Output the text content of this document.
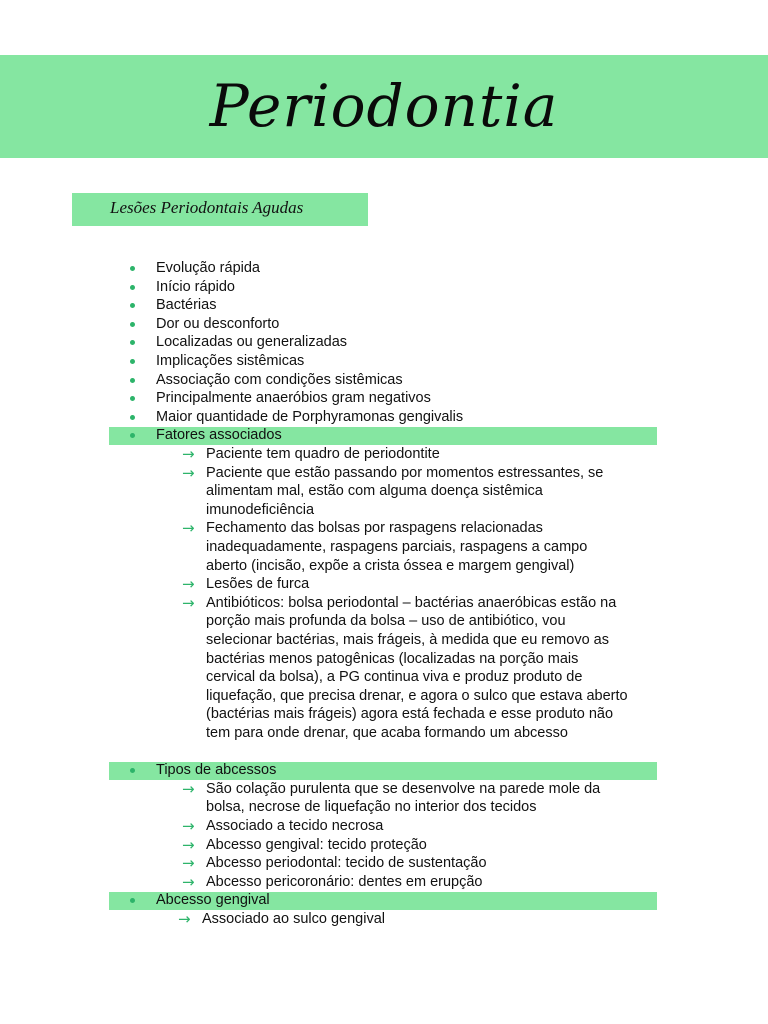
Periodontia
Lesões Periodontais Agudas
Evolução rápida
Início rápido
Bactérias
Dor ou desconforto
Localizadas ou generalizadas
Implicações sistêmicas
Associação com condições sistêmicas
Principalmente anaeróbios gram negativos
Maior quantidade de Porphyramonas gengivalis
Fatores associados
→ Paciente tem quadro de periodontite
→ Paciente que estão passando por momentos estressantes, se
alimentam mal, estão com alguma doença sistêmica
imunodeficiência
→ Fechamento das bolsas por raspagens relacionadas
inadequadamente, raspagens parciais, raspagens a campo
aberto (incisão, expõe a crista óssea e margem gengival)
→ Lesões de furca
→ Antibióticos: bolsa periodontal – bactérias anaeróbicas estão na
porção mais profunda da bolsa – uso de antibiótico, vou
selecionar bactérias, mais frágeis, à medida que eu removo as
bactérias menos patogênicas (localizadas na porção mais
cervical da bolsa), a PG continua viva e produz produto de
liquefação, que precisa drenar, e agora o sulco que estava aberto
(bactérias mais frágeis) agora está fechada e esse produto não
tem para onde drenar, que acaba formando um abcesso
Tipos de abcessos
→ São colação purulenta que se desenvolve na parede mole da
bolsa, necrose de liquefação no interior dos tecidos
→ Associado a tecido necrosa
→ Abcesso gengival: tecido proteção
→ Abcesso periodontal: tecido de sustentação
→ Abcesso pericoronário: dentes em erupção
Abcesso gengival
→ Associado ao sulco gengival
